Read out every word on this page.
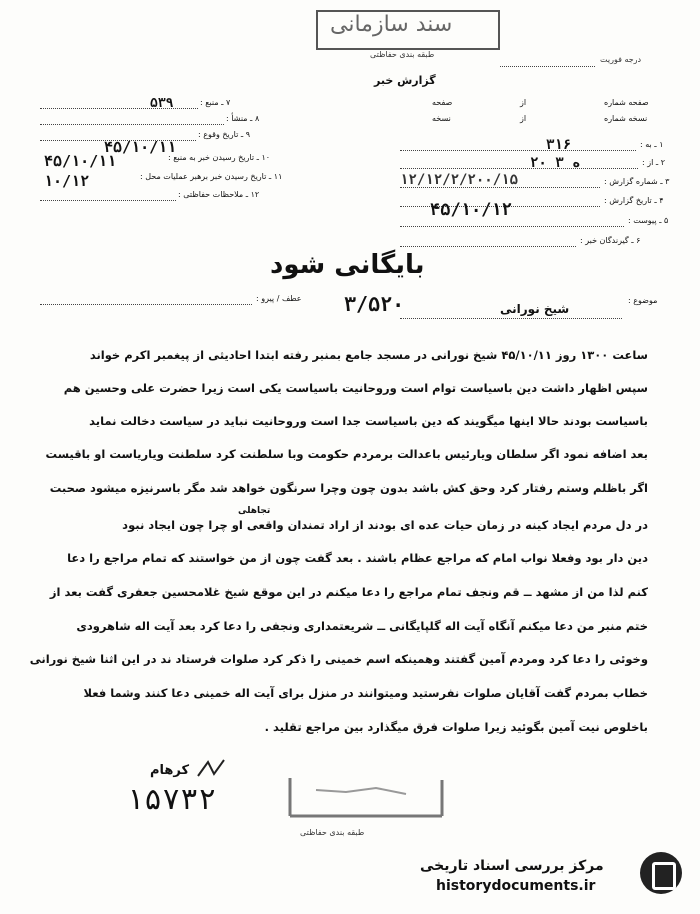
سند سازمانی
طبقه بندی حفاظتی
درجه فوریت
گزارش خبر
۷ ـ منبع :
۵۳۹
۸ ـ منشأ :
۹ ـ تاریخ وقوع :
۴۵/۱۰/۱۱
۱۰ ـ تاریخ رسیدن خبر به منبع :
۴۵/۱۰/۱۱
۱۱ ـ تاریخ رسیدن خبر برهبر عملیات محل :
۱۰/۱۲
۱۲ ـ ملاحظات حفاظتی :
صفحه شماره
از
صفحه
نسخه شماره
از
نسخه
۱ ـ به :
۳۱۶
۲ ـ از :
۲۰ ه ۳
۳ ـ شماره گزارش :
۱۲/۱۲/۲/۲۰۰/۱۵
۴ ـ تاریخ گزارش :
۴۵/۱۰/۱۲
۵ ـ پیوست :
۶ ـ گیرندگان خبر :
بایگانی شود
۳/۵۲۰
عطف / پیرو :	موضوع :
شیخ نورانی
ساعت ۱۳۰۰ روز ۴۵/۱۰/۱۱ شیخ نورانی در مسجد جامع بمنبر رفته ابتدا احادیثی از پیغمبر اکرم خواند
سپس اظهار داشت دین باسیاست توام است وروحانیت باسیاست یکی است زیرا حضرت علی وحسین هم
باسیاست بودند حالا اینها میگویند که دین باسیاست جدا است وروحانیت نباید در سیاست دخالت نماید
بعد اضافه نمود اگر سلطان ویارئیس باعدالت برمردم حکومت وبا سلطنت کرد سلطنت ویاریاست او باقیست
اگر باظلم وستم رفتار کرد وحق کش باشد بدون چون وچرا سرنگون خواهد شد مگر باسرنیزه میشود صحبت
تجاهلی
در دل مردم ایجاد کینه در زمان حیات عده ای بودند از اراد تمندان واقعی او چرا چون ایجاد نبود
دین دار بود وفعلا نواب امام که مراجع عظام باشند . بعد گفت چون از من خواستند که تمام مراجع را دعا
کنم لذا من از مشهد ــ قم ونجف تمام مراجع را دعا میکنم در این موقع شیخ غلامحسین جعفری گفت بعد از
ختم منبر من دعا میکنم آنگاه آیت اله گلپایگانی ــ شریعتمداری ونجفی را دعا کرد بعد آیت اله شاهرودی
وخوئی را دعا کرد ومردم آمین گفتند وهمینکه اسم خمینی را ذکر کرد صلوات فرستاد ند در این اثنا شیخ نورانی
خطاب بمردم گفت آقایان صلوات نفرستید ومیتوانند در منزل برای آیت اله خمینی دعا کنند وشما فعلا
باخلوص نیت آمین بگوئید زیرا صلوات فرق میگذارد بین مراجع تقلید .
کرهام
۱۵۷۳۲
طبقه بندی حفاظتی
مرکز بررسی اسناد تاریخی
historydocuments.ir
